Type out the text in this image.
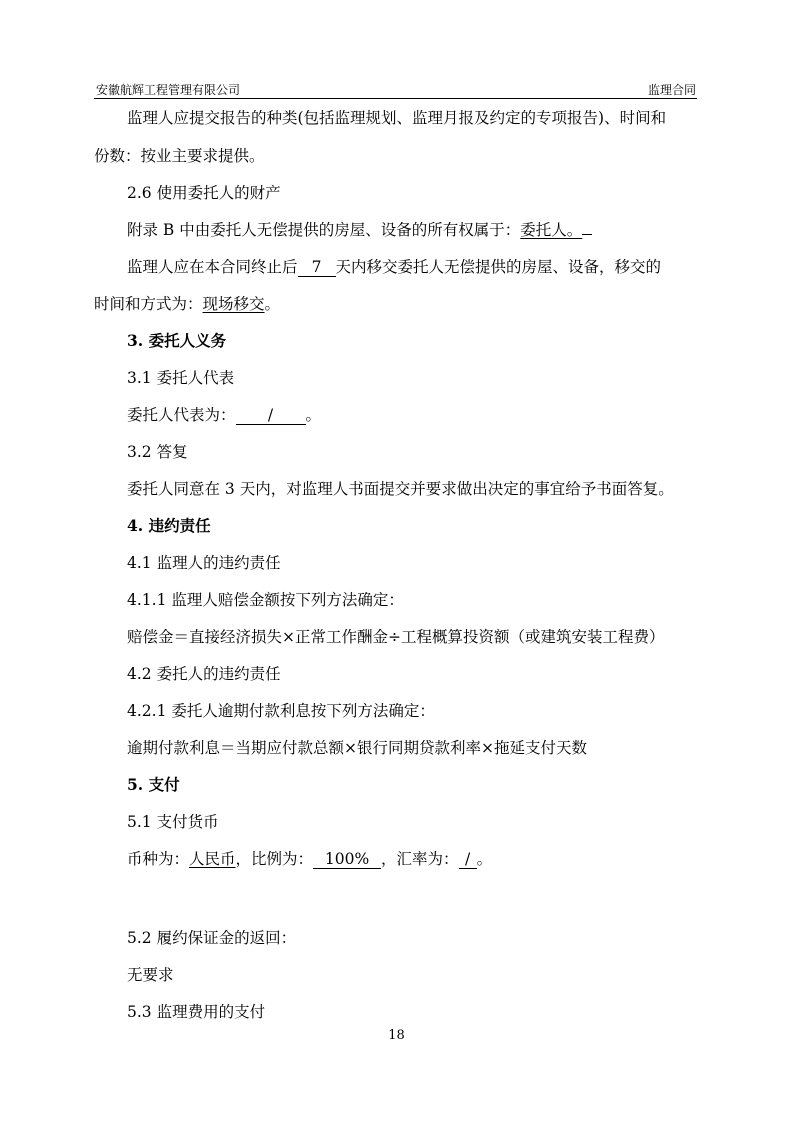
安徽航辉工程管理有限公司	监理合同
监理人应提交报告的种类(包括监理规划、监理月报及约定的专项报告)、时间和
份数：按业主要求提供。
2.6 使用委托人的财产
附录 B 中由委托人无偿提供的房屋、设备的所有权属于：委托人。
监理人应在本合同终止后 7 天内移交委托人无偿提供的房屋、设备，移交的
时间和方式为：现场移交。
3. 委托人义务
3.1 委托人代表
委托人代表为： / 。
3.2 答复
委托人同意在 3 天内，对监理人书面提交并要求做出决定的事宜给予书面答复。
4. 违约责任
4.1 监理人的违约责任
4.1.1 监理人赔偿金额按下列方法确定：
赔偿金＝直接经济损失×正常工作酬金÷工程概算投资额（或建筑安装工程费）
4.2 委托人的违约责任
4.2.1 委托人逾期付款利息按下列方法确定：
逾期付款利息＝当期应付款总额×银行同期贷款利率×拖延支付天数
5. 支付
5.1 支付货币
币种为：人民币，比例为： 100% ，汇率为： / 。
5.2 履约保证金的返回：
无要求
5.3 监理费用的支付
18
